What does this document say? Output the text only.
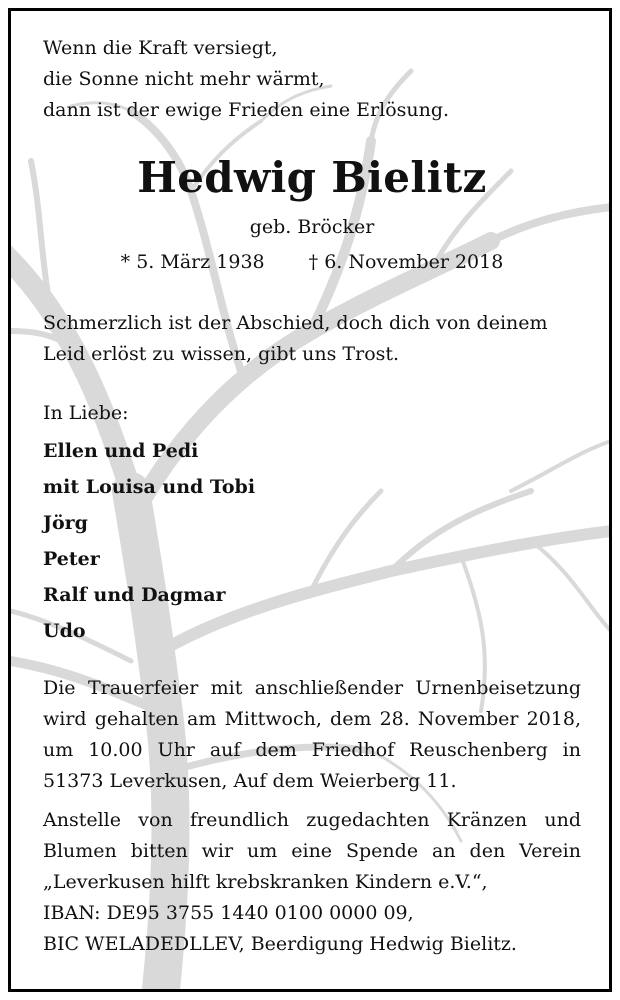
Wenn die Kraft versiegt,
die Sonne nicht mehr wärmt,
dann ist der ewige Frieden eine Erlösung.
Hedwig Bielitz
geb. Bröcker
* 5. März 1938 † 6. November 2018
Schmerzlich ist der Abschied, doch dich von deinem
Leid erlöst zu wissen, gibt uns Trost.
In Liebe:
Ellen und Pedi
mit Louisa und Tobi
Jörg
Peter
Ralf und Dagmar
Udo

Die Trauerfeier mit anschließender Urnenbeisetzung wird gehalten am Mittwoch, dem 28. November 2018, um 10.00 Uhr auf dem Friedhof Reuschenberg in 51373 Leverkusen, Auf dem Weierberg 11.

Anstelle von freundlich zugedachten Kränzen und Blumen bitten wir um eine Spende an den Verein „Leverkusen hilft krebskranken Kindern e.V.“,

IBAN: DE95 3755 1440 0100 0000 09,
BIC WELADEDLLEV, Beerdigung Hedwig Bielitz.
